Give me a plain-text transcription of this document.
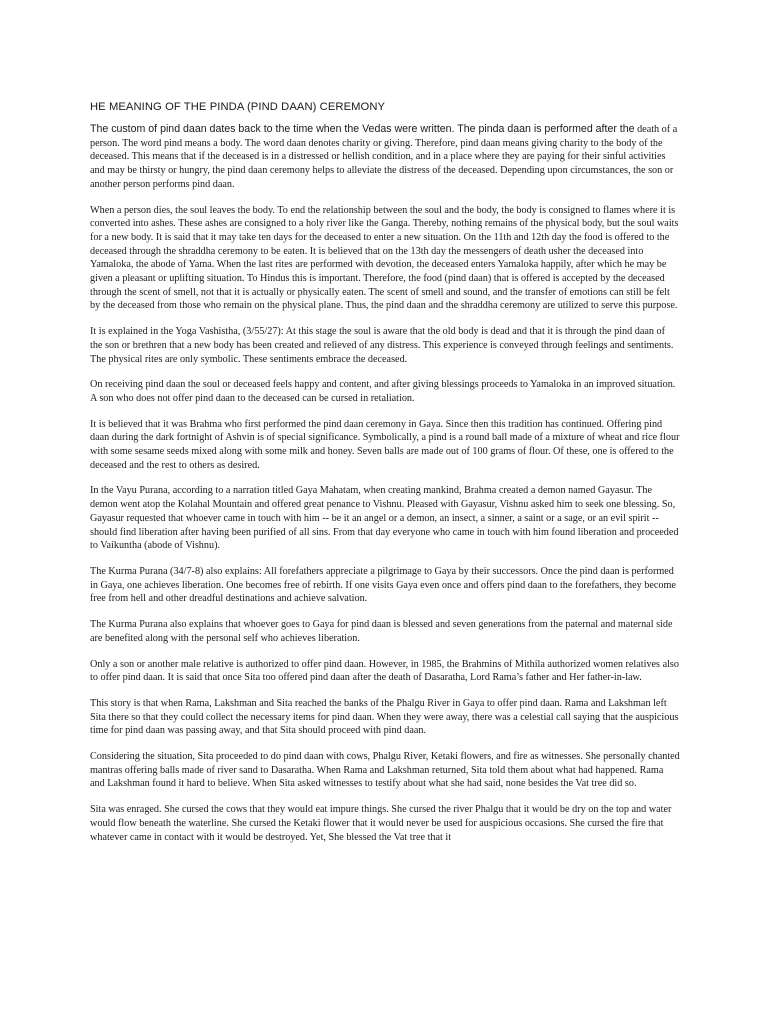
HE MEANING OF THE PINDA (PIND DAAN) CEREMONY

The custom of pind daan dates back to the time when the Vedas were written. The pinda daan is performed after the death of a person. The word pind means a body. The word daan denotes charity or giving. Therefore, pind daan means giving charity to the body of the deceased. This means that if the deceased is in a distressed or hellish condition, and in a place where they are paying for their sinful activities and may be thirsty or hungry, the pind daan ceremony helps to alleviate the distress of the deceased. Depending upon circumstances, the son or another person performs pind daan.

When a person dies, the soul leaves the body. To end the relationship between the soul and the body, the body is consigned to flames where it is converted into ashes. These ashes are consigned to a holy river like the Ganga. Thereby, nothing remains of the physical body, but the soul waits for a new body. It is said that it may take ten days for the deceased to enter a new situation. On the 11th and 12th day the food is offered to the deceased through the shraddha ceremony to be eaten. It is believed that on the 13th day the messengers of death usher the deceased into Yamaloka, the abode of Yama. When the last rites are performed with devotion, the deceased enters Yamaloka happily, after which he may be given a pleasant or uplifting situation. To Hindus this is important. Therefore, the food (pind daan) that is offered is accepted by the deceased through the scent of smell, not that it is actually or physically eaten. The scent of smell and sound, and the transfer of emotions can still be felt by the deceased from those who remain on the physical plane. Thus, the pind daan and the shraddha ceremony are utilized to serve this purpose.

It is explained in the Yoga Vashistha, (3/55/27): At this stage the soul is aware that the old body is dead and that it is through the pind daan of the son or brethren that a new body has been created and relieved of any distress. This experience is conveyed through feelings and sentiments. The physical rites are only symbolic. These sentiments embrace the deceased.

On receiving pind daan the soul or deceased feels happy and content, and after giving blessings proceeds to Yamaloka in an improved situation. A son who does not offer pind daan to the deceased can be cursed in retaliation.

It is believed that it was Brahma who first performed the pind daan ceremony in Gaya. Since then this tradition has continued. Offering pind daan during the dark fortnight of Ashvin is of special significance. Symbolically, a pind is a round ball made of a mixture of wheat and rice flour with some sesame seeds mixed along with some milk and honey. Seven balls are made out of 100 grams of flour. Of these, one is offered to the deceased and the rest to others as desired.

In the Vayu Purana, according to a narration titled Gaya Mahatam, when creating mankind, Brahma created a demon named Gayasur. The demon went atop the Kolahal Mountain and offered great penance to Vishnu. Pleased with Gayasur, Vishnu asked him to seek one blessing. So, Gayasur requested that whoever came in touch with him -- be it an angel or a demon, an insect, a sinner, a saint or a sage, or an evil spirit -- should find liberation after having been purified of all sins. From that day everyone who came in touch with him found liberation and proceeded to Vaikuntha (abode of Vishnu).

The Kurma Purana (34/7-8) also explains: All forefathers appreciate a pilgrimage to Gaya by their successors. Once the pind daan is performed in Gaya, one achieves liberation. One becomes free of rebirth. If one visits Gaya even once and offers pind daan to the forefathers, they become free from hell and other dreadful destinations and achieve salvation.

The Kurma Purana also explains that whoever goes to Gaya for pind daan is blessed and seven generations from the paternal and maternal side are benefited along with the personal self who achieves liberation.

Only a son or another male relative is authorized to offer pind daan. However, in 1985, the Brahmins of Mithila authorized women relatives also to offer pind daan. It is said that once Sita too offered pind daan after the death of Dasaratha, Lord Rama’s father and Her father-in-law.

This story is that when Rama, Lakshman and Sita reached the banks of the Phalgu River in Gaya to offer pind daan. Rama and Lakshman left Sita there so that they could collect the necessary items for pind daan. When they were away, there was a celestial call saying that the auspicious time for pind daan was passing away, and that Sita should proceed with pind daan.

Considering the situation, Sita proceeded to do pind daan with cows, Phalgu River, Ketaki flowers, and fire as witnesses. She personally chanted mantras offering balls made of river sand to Dasaratha. When Rama and Lakshman returned, Sita told them about what had happened. Rama and Lakshman found it hard to believe. When Sita asked witnesses to testify about what she had said, none besides the Vat tree did so.

Sita was enraged. She cursed the cows that they would eat impure things. She cursed the river Phalgu that it would be dry on the top and water would flow beneath the waterline. She cursed the Ketaki flower that it would never be used for auspicious occasions. She cursed the fire that whatever came in contact with it would be destroyed. Yet, She blessed the Vat tree that it
